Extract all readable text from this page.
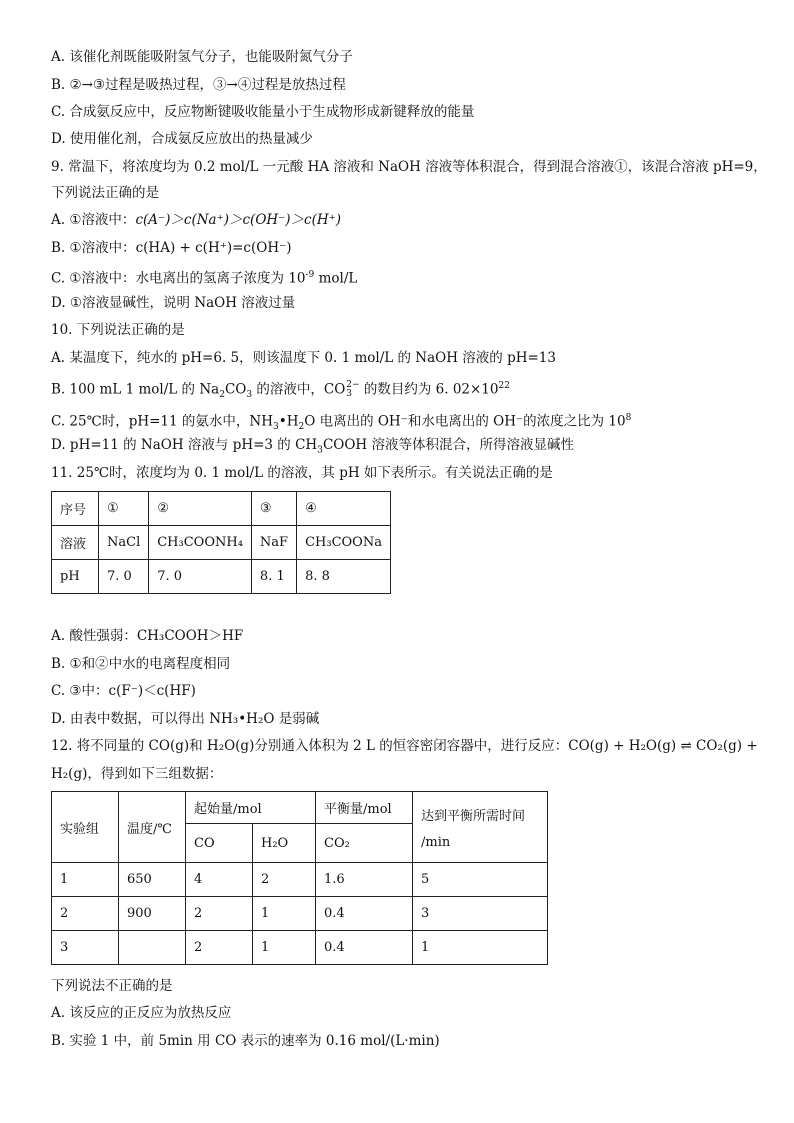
A. 该催化剂既能吸附氢气分子，也能吸附氮气分子
B. ②→③过程是吸热过程，③→④过程是放热过程
C. 合成氨反应中，反应物断键吸收能量小于生成物形成新键释放的能量
D. 使用催化剂，合成氨反应放出的热量减少
9. 常温下，将浓度均为 0.2 mol/L 一元酸 HA 溶液和 NaOH 溶液等体积混合，得到混合溶液①，该混合溶液 pH=9，
下列说法正确的是
A. ①溶液中：c(A⁻)＞c(Na⁺)＞c(OH⁻)＞c(H⁺)
B. ①溶液中：c(HA) + c(H⁺)=c(OH⁻)
C. ①溶液中：水电离出的氢离子浓度为 $10^{-9}$ mol/L
D. ①溶液显碱性，说明 NaOH 溶液过量
10. 下列说法正确的是
A. 某温度下，纯水的 pH=6. 5，则该温度下 0. 1 mol/L 的 NaOH 溶液的 pH=13
B. 100 mL 1 mol/L 的 $Na_2CO_3$ 的溶液中，CO 2−
3 的数目约为 6. $02\times 10^{22}$
C. 25℃时，pH=11 的氨水中，$NH_3•H_2O$ 电离出的 OH⁻和水电离出的 OH⁻的浓度之比为 $10^8$
D. pH=11 的 NaOH 溶液与 pH=3 的 $CH_3COOH$ 溶液等体积混合，所得溶液显碱性
11. 25℃时，浓度均为 0. 1 mol/L 的溶液，其 pH 如下表所示。有关说法正确的是
序号	①	②	③	④
溶液	NaCl	CH₃COONH₄	NaF	CH₃COONa
pH	7. 0	7. 0	8. 1	8. 8
A. 酸性强弱：CH₃COOH＞HF
B. ①和②中水的电离程度相同
C. ③中：c(F⁻)＜c(HF)
D. 由表中数据，可以得出 NH₃•H₂O 是弱碱
12. 将不同量的 CO(g)和 H₂O(g)分别通入体积为 2 L 的恒容密闭容器中，进行反应：CO(g) + H₂O(g) ⇌ CO₂(g) +
H₂(g)，得到如下三组数据：
实验组	温度/℃	起始量/mol		平衡量/mol	达到平衡所需时间
/min

		CO	H₂O	CO₂	
1	650	4	2	1.6	5
2	900	2	1	0.4	3
3		2	1	0.4	1
下列说法不正确的是
A. 该反应的正反应为放热反应
B. 实验 1 中，前 5min 用 CO 表示的速率为 0.16 mol/(L·min)
